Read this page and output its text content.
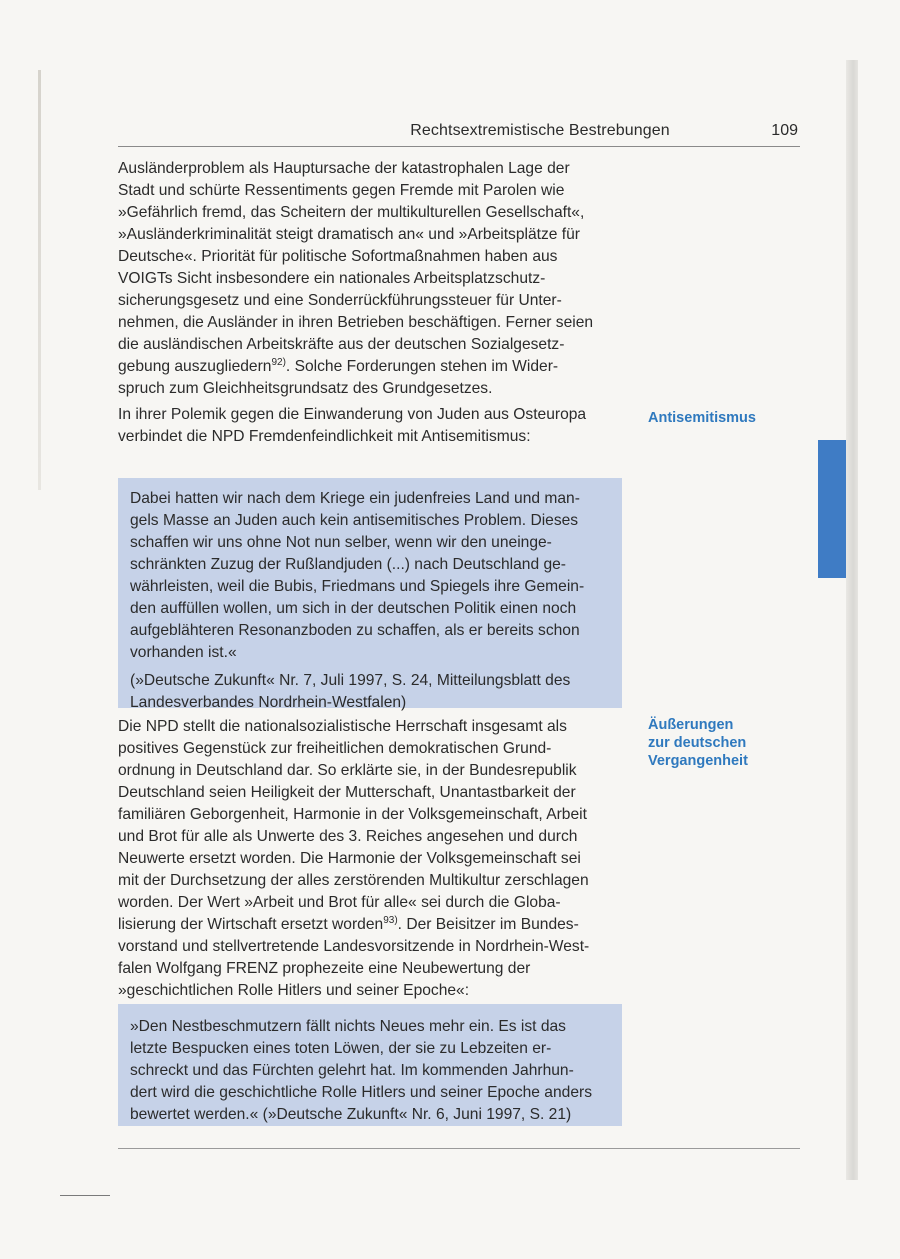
Rechtsextremistische Bestrebungen	109
Ausländerproblem als Hauptursache der katastrophalen Lage der
Stadt und schürte Ressentiments gegen Fremde mit Parolen wie
»Gefährlich fremd, das Scheitern der multikulturellen Gesellschaft«,
»Ausländerkriminalität steigt dramatisch an« und »Arbeitsplätze für
Deutsche«. Priorität für politische Sofortmaßnahmen haben aus
VOIGTs Sicht insbesondere ein nationales Arbeitsplatzschutz-
sicherungsgesetz und eine Sonderrückführungssteuer für Unter-
nehmen, die Ausländer in ihren Betrieben beschäftigen. Ferner seien
die ausländischen Arbeitskräfte aus der deutschen Sozialgesetz-
gebung auszugliedern$^{92)}$. Solche Forderungen stehen im Wider-
spruch zum Gleichheitsgrundsatz des Grundgesetzes.
In ihrer Polemik gegen die Einwanderung von Juden aus Osteuropa
verbindet die NPD Fremdenfeindlichkeit mit Antisemitismus:
Antisemitismus
Dabei hatten wir nach dem Kriege ein judenfreies Land und man-
gels Masse an Juden auch kein antisemitisches Problem. Dieses
schaffen wir uns ohne Not nun selber, wenn wir den uneinge-
schränkten Zuzug der Rußlandjuden (...) nach Deutschland ge-
währleisten, weil die Bubis, Friedmans und Spiegels ihre Gemein-
den auffüllen wollen, um sich in der deutschen Politik einen noch
aufgeblähteren Resonanzboden zu schaffen, als er bereits schon
vorhanden ist.«
(»Deutsche Zukunft« Nr. 7, Juli 1997, S. 24, Mitteilungsblatt des
Landesverbandes Nordrhein-Westfalen)
Die NPD stellt die nationalsozialistische Herrschaft insgesamt als
positives Gegenstück zur freiheitlichen demokratischen Grund-
ordnung in Deutschland dar. So erklärte sie, in der Bundesrepublik
Deutschland seien Heiligkeit der Mutterschaft, Unantastbarkeit der
familiären Geborgenheit, Harmonie in der Volksgemeinschaft, Arbeit
und Brot für alle als Unwerte des 3. Reiches angesehen und durch
Neuwerte ersetzt worden. Die Harmonie der Volksgemeinschaft sei
mit der Durchsetzung der alles zerstörenden Multikultur zerschlagen
worden. Der Wert »Arbeit und Brot für alle« sei durch die Globa-
lisierung der Wirtschaft ersetzt worden$^{93)}$. Der Beisitzer im Bundes-
vorstand und stellvertretende Landesvorsitzende in Nordrhein-West-
falen Wolfgang FRENZ prophezeite eine Neubewertung der
»geschichtlichen Rolle Hitlers und seiner Epoche«:
Äußerungen
zur deutschen
Vergangenheit
»Den Nestbeschmutzern fällt nichts Neues mehr ein. Es ist das
letzte Bespucken eines toten Löwen, der sie zu Lebzeiten er-
schreckt und das Fürchten gelehrt hat. Im kommenden Jahrhun-
dert wird die geschichtliche Rolle Hitlers und seiner Epoche anders
bewertet werden.« (»Deutsche Zukunft« Nr. 6, Juni 1997, S. 21)
